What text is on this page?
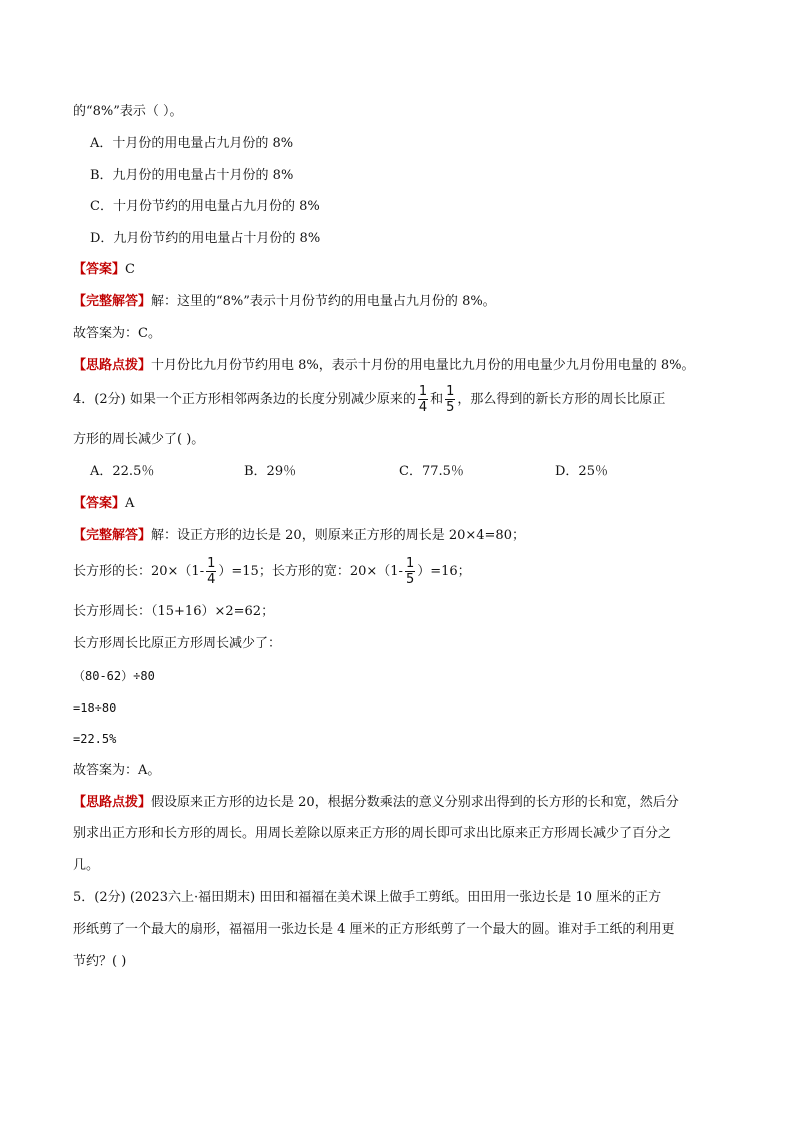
的“8%”表示（ ）。
A．十月份的用电量占九月份的 8%
B．九月份的用电量占十月份的 8%
C．十月份节约的用电量占九月份的 8%
D．九月份节约的用电量占十月份的 8%
【答案】C
【完整解答】解：这里的“8%”表示十月份节约的用电量占九月份的 8%。
故答案为：C。
【思路点拨】十月份比九月份节约用电 8%，表示十月份的用电量比九月份的用电量少九月份用电量的 8%。
4．(2分) 如果一个正方形相邻两条边的长度分别减少原来的 $\frac{1}{4}$ 和 $\frac{1}{5}$ ，那么得到的新长方形的周长比原正
方形的周长减少了( )。
A．22.5％	B．29％	C．77.5％	D．25％
【答案】A
【完整解答】解：设正方形的边长是 20，则原来正方形的周长是 20×4=80；
长方形的长：$20\times(1- \frac{1}{4} )=15$；长方形的宽：$20\times(1- \frac{1}{5} )=16$；
长方形周长：（15+16）×2=62；
长方形周长比原正方形周长减少了：
（80-62）÷80
=18÷80
=22.5%
故答案为：A。
【思路点拨】假设原来正方形的边长是 20，根据分数乘法的意义分别求出得到的长方形的长和宽，然后分
别求出正方形和长方形的周长。用周长差除以原来正方形的周长即可求出比原来正方形周长减少了百分之
几。
5．(2分) (2023六上·福田期末) 田田和福福在美术课上做手工剪纸。田田用一张边长是 10 厘米的正方
形纸剪了一个最大的扇形，福福用一张边长是 4 厘米的正方形纸剪了一个最大的圆。谁对手工纸的利用更
节约？( )
